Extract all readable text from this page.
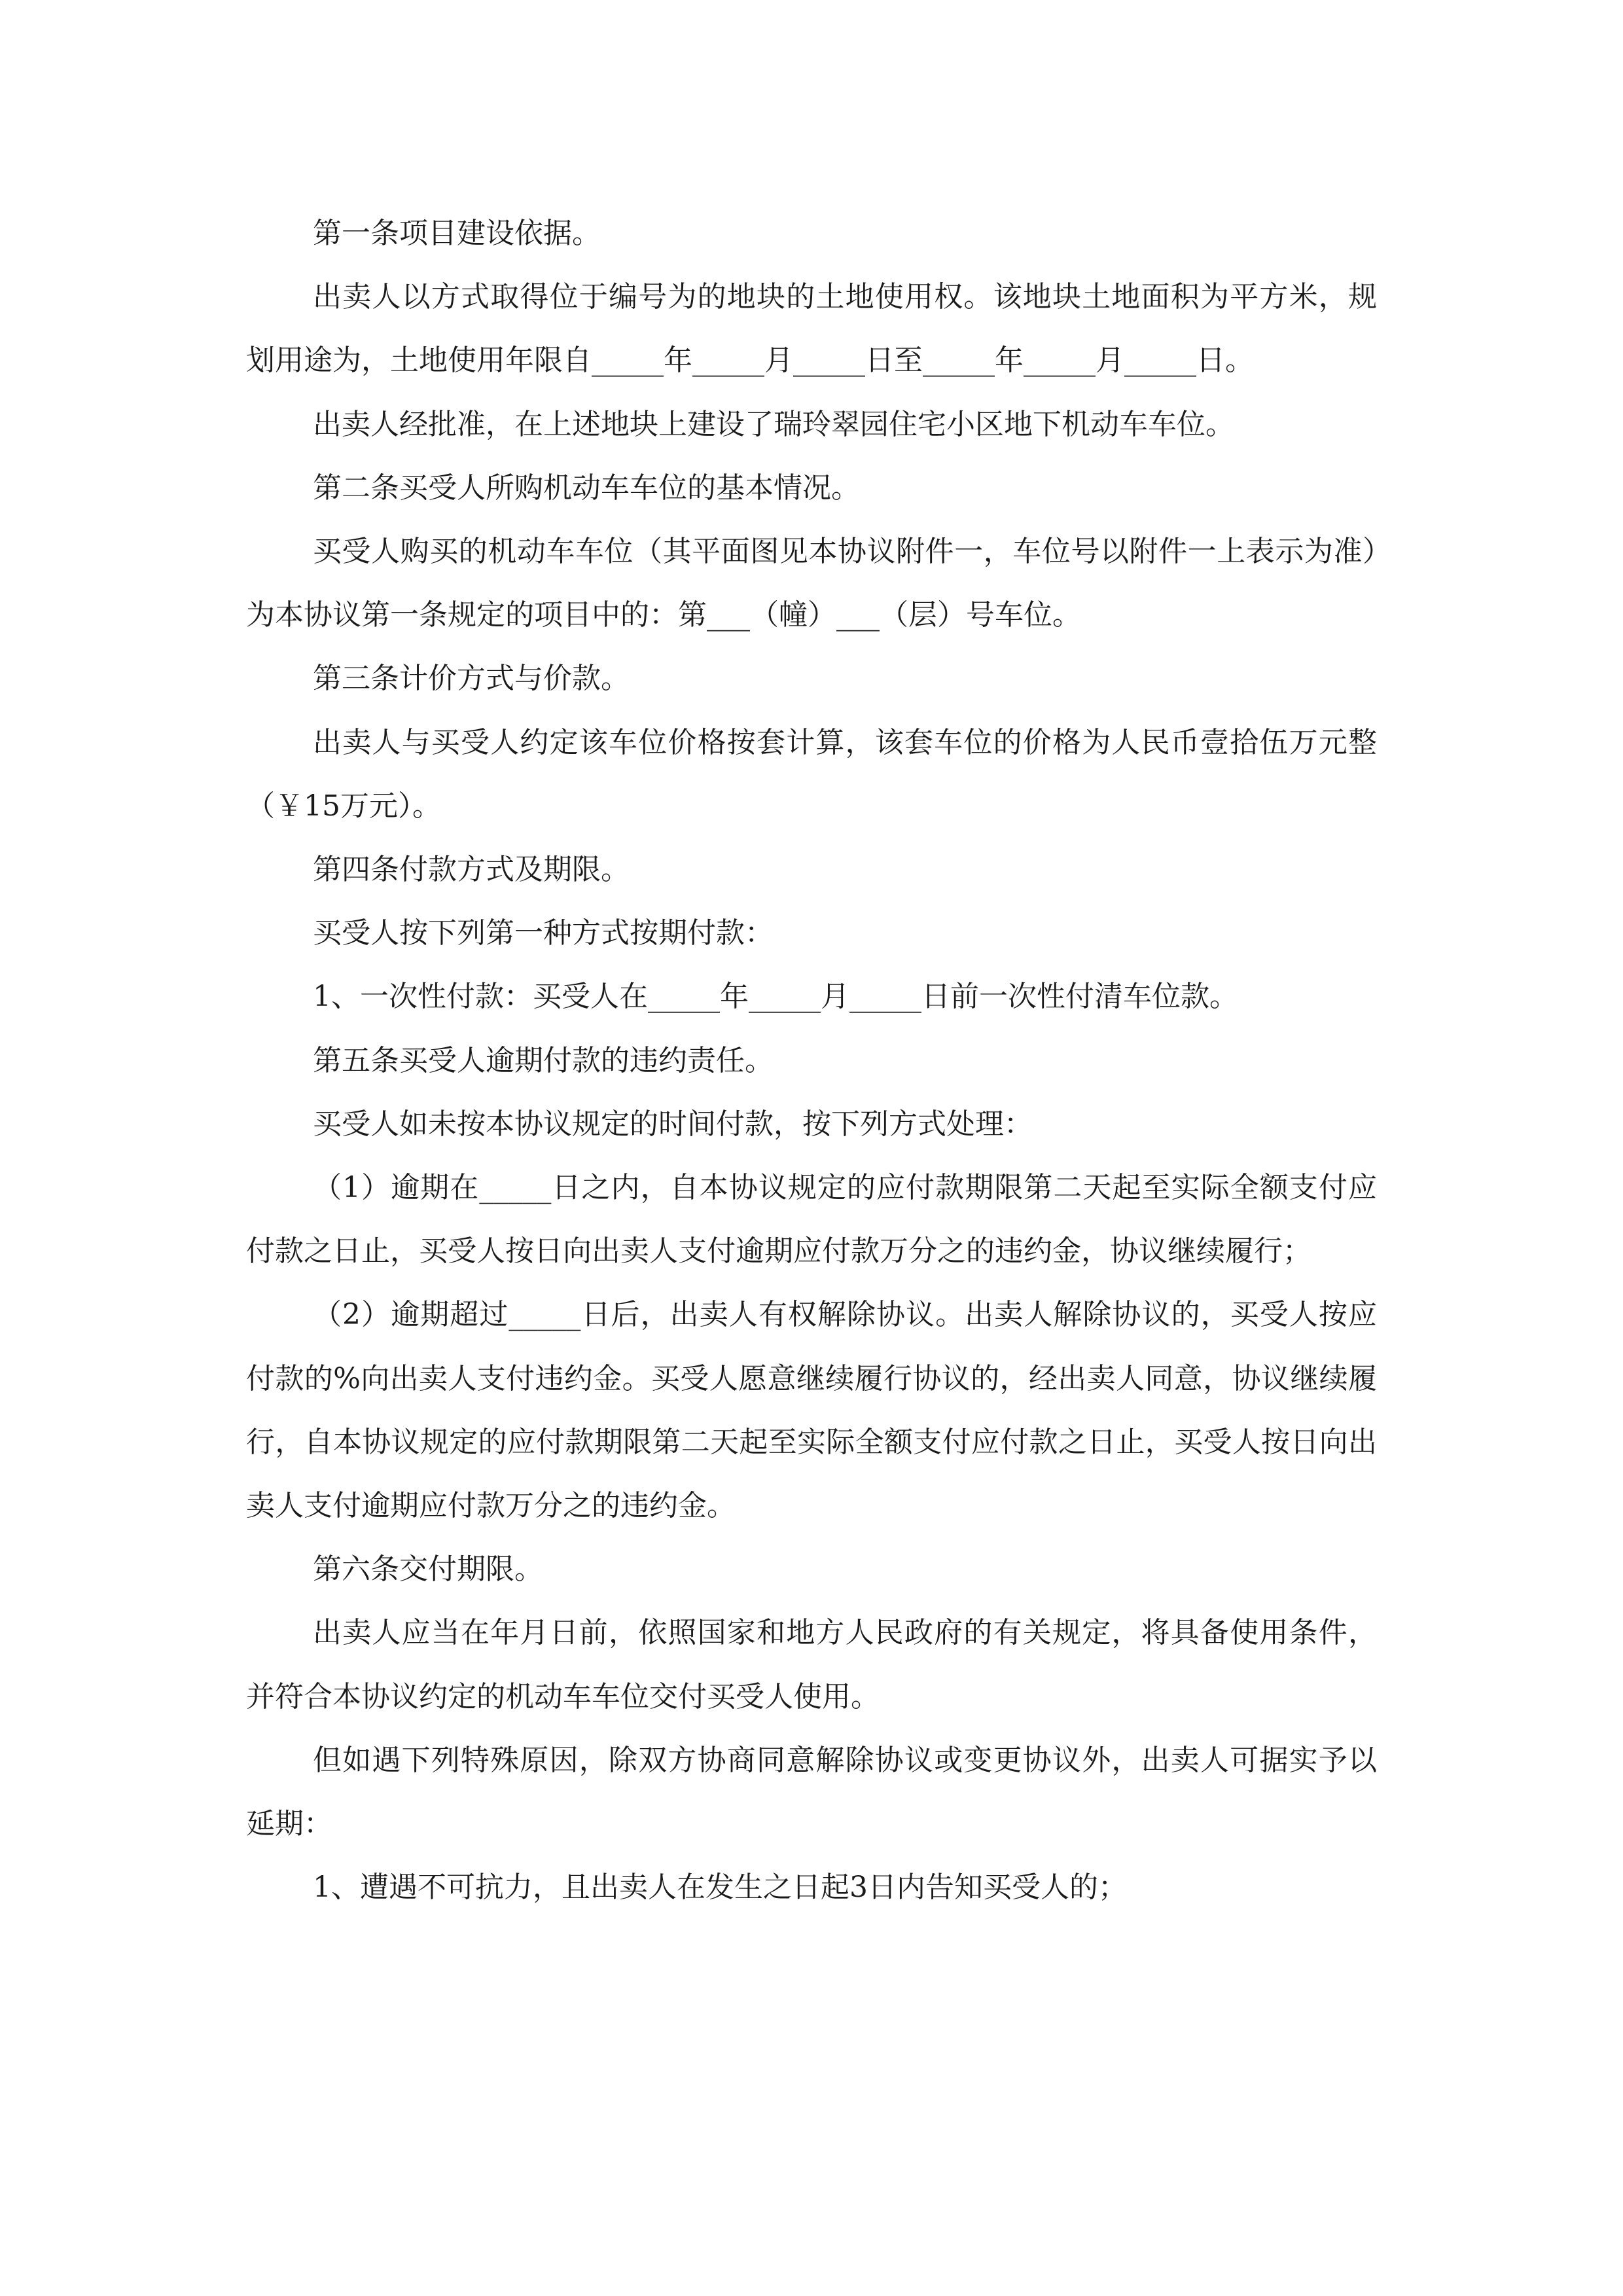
第一条项目建设依据。

出卖人以方式取得位于编号为的地块的土地使用权。该地块土地面积为平方米，规划用途为，土地使用年限自_____年_____月_____日至_____年_____月_____日。

出卖人经批准，在上述地块上建设了瑞玲翠园住宅小区地下机动车车位。

第二条买受人所购机动车车位的基本情况。

买受人购买的机动车车位（其平面图见本协议附件一，车位号以附件一上表示为准）为本协议第一条规定的项目中的：第___（幢）___（层）号车位。

第三条计价方式与价款。

出卖人与买受人约定该车位价格按套计算，该套车位的价格为人民币壹拾伍万元整（￥15万元）。

第四条付款方式及期限。

买受人按下列第一种方式按期付款：

1、一次性付款：买受人在_____年_____月_____日前一次性付清车位款。

第五条买受人逾期付款的违约责任。

买受人如未按本协议规定的时间付款，按下列方式处理：

（1）逾期在_____日之内，自本协议规定的应付款期限第二天起至实际全额支付应付款之日止，买受人按日向出卖人支付逾期应付款万分之的违约金，协议继续履行；

（2）逾期超过_____日后，出卖人有权解除协议。出卖人解除协议的，买受人按应付款的%向出卖人支付违约金。买受人愿意继续履行协议的，经出卖人同意，协议继续履行，自本协议规定的应付款期限第二天起至实际全额支付应付款之日止，买受人按日向出卖人支付逾期应付款万分之的违约金。

第六条交付期限。

出卖人应当在年月日前，依照国家和地方人民政府的有关规定，将具备使用条件，并符合本协议约定的机动车车位交付买受人使用。

但如遇下列特殊原因，除双方协商同意解除协议或变更协议外，出卖人可据实予以延期：

1、遭遇不可抗力，且出卖人在发生之日起3日内告知买受人的；
